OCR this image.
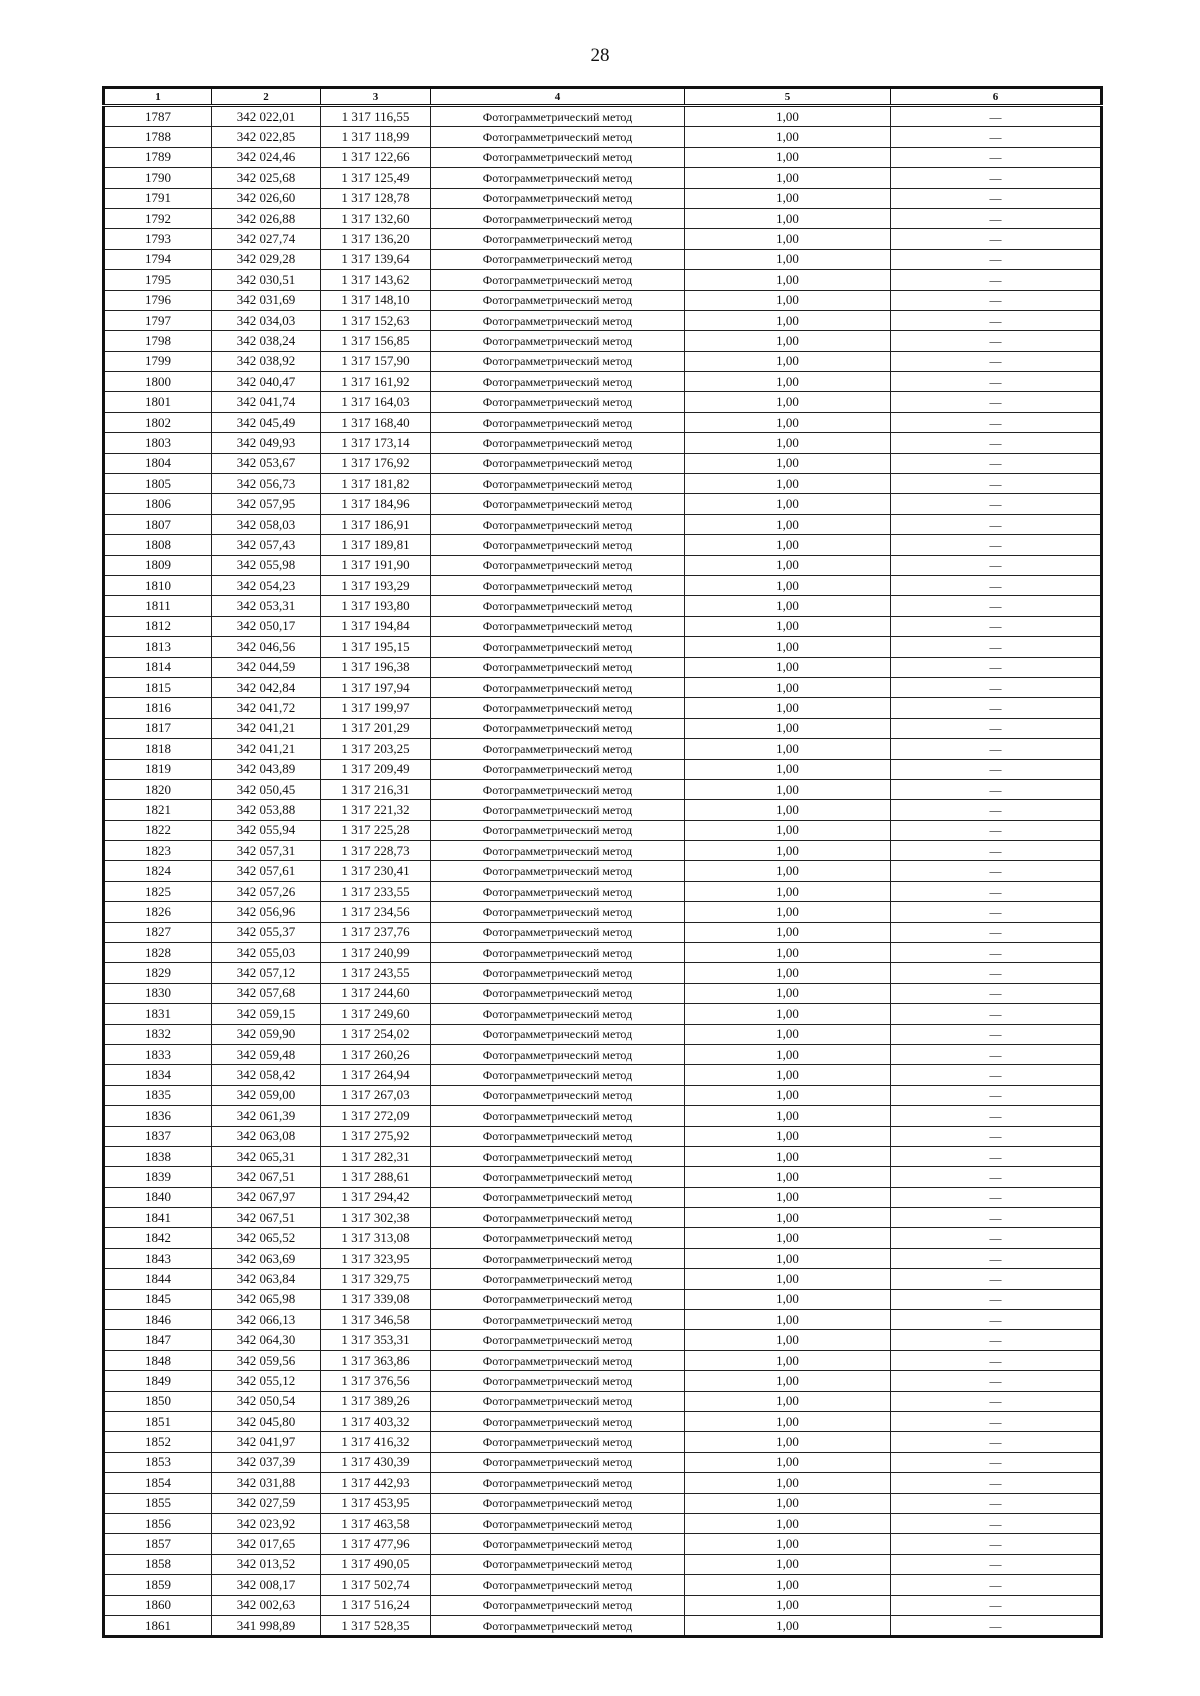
28
1	2	3	4	5	6
1787	342 022,01	1 317 116,55	Фотограмметрический метод	1,00	—
1788	342 022,85	1 317 118,99	Фотограмметрический метод	1,00	—
1789	342 024,46	1 317 122,66	Фотограмметрический метод	1,00	—
1790	342 025,68	1 317 125,49	Фотограмметрический метод	1,00	—
1791	342 026,60	1 317 128,78	Фотограмметрический метод	1,00	—
1792	342 026,88	1 317 132,60	Фотограмметрический метод	1,00	—
1793	342 027,74	1 317 136,20	Фотограмметрический метод	1,00	—
1794	342 029,28	1 317 139,64	Фотограмметрический метод	1,00	—
1795	342 030,51	1 317 143,62	Фотограмметрический метод	1,00	—
1796	342 031,69	1 317 148,10	Фотограмметрический метод	1,00	—
1797	342 034,03	1 317 152,63	Фотограмметрический метод	1,00	—
1798	342 038,24	1 317 156,85	Фотограмметрический метод	1,00	—
1799	342 038,92	1 317 157,90	Фотограмметрический метод	1,00	—
1800	342 040,47	1 317 161,92	Фотограмметрический метод	1,00	—
1801	342 041,74	1 317 164,03	Фотограмметрический метод	1,00	—
1802	342 045,49	1 317 168,40	Фотограмметрический метод	1,00	—
1803	342 049,93	1 317 173,14	Фотограмметрический метод	1,00	—
1804	342 053,67	1 317 176,92	Фотограмметрический метод	1,00	—
1805	342 056,73	1 317 181,82	Фотограмметрический метод	1,00	—
1806	342 057,95	1 317 184,96	Фотограмметрический метод	1,00	—
1807	342 058,03	1 317 186,91	Фотограмметрический метод	1,00	—
1808	342 057,43	1 317 189,81	Фотограмметрический метод	1,00	—
1809	342 055,98	1 317 191,90	Фотограмметрический метод	1,00	—
1810	342 054,23	1 317 193,29	Фотограмметрический метод	1,00	—
1811	342 053,31	1 317 193,80	Фотограмметрический метод	1,00	—
1812	342 050,17	1 317 194,84	Фотограмметрический метод	1,00	—
1813	342 046,56	1 317 195,15	Фотограмметрический метод	1,00	—
1814	342 044,59	1 317 196,38	Фотограмметрический метод	1,00	—
1815	342 042,84	1 317 197,94	Фотограмметрический метод	1,00	—
1816	342 041,72	1 317 199,97	Фотограмметрический метод	1,00	—
1817	342 041,21	1 317 201,29	Фотограмметрический метод	1,00	—
1818	342 041,21	1 317 203,25	Фотограмметрический метод	1,00	—
1819	342 043,89	1 317 209,49	Фотограмметрический метод	1,00	—
1820	342 050,45	1 317 216,31	Фотограмметрический метод	1,00	—
1821	342 053,88	1 317 221,32	Фотограмметрический метод	1,00	—
1822	342 055,94	1 317 225,28	Фотограмметрический метод	1,00	—
1823	342 057,31	1 317 228,73	Фотограмметрический метод	1,00	—
1824	342 057,61	1 317 230,41	Фотограмметрический метод	1,00	—
1825	342 057,26	1 317 233,55	Фотограмметрический метод	1,00	—
1826	342 056,96	1 317 234,56	Фотограмметрический метод	1,00	—
1827	342 055,37	1 317 237,76	Фотограмметрический метод	1,00	—
1828	342 055,03	1 317 240,99	Фотограмметрический метод	1,00	—
1829	342 057,12	1 317 243,55	Фотограмметрический метод	1,00	—
1830	342 057,68	1 317 244,60	Фотограмметрический метод	1,00	—
1831	342 059,15	1 317 249,60	Фотограмметрический метод	1,00	—
1832	342 059,90	1 317 254,02	Фотограмметрический метод	1,00	—
1833	342 059,48	1 317 260,26	Фотограмметрический метод	1,00	—
1834	342 058,42	1 317 264,94	Фотограмметрический метод	1,00	—
1835	342 059,00	1 317 267,03	Фотограмметрический метод	1,00	—
1836	342 061,39	1 317 272,09	Фотограмметрический метод	1,00	—
1837	342 063,08	1 317 275,92	Фотограмметрический метод	1,00	—
1838	342 065,31	1 317 282,31	Фотограмметрический метод	1,00	—
1839	342 067,51	1 317 288,61	Фотограмметрический метод	1,00	—
1840	342 067,97	1 317 294,42	Фотограмметрический метод	1,00	—
1841	342 067,51	1 317 302,38	Фотограмметрический метод	1,00	—
1842	342 065,52	1 317 313,08	Фотограмметрический метод	1,00	—
1843	342 063,69	1 317 323,95	Фотограмметрический метод	1,00	—
1844	342 063,84	1 317 329,75	Фотограмметрический метод	1,00	—
1845	342 065,98	1 317 339,08	Фотограмметрический метод	1,00	—
1846	342 066,13	1 317 346,58	Фотограмметрический метод	1,00	—
1847	342 064,30	1 317 353,31	Фотограмметрический метод	1,00	—
1848	342 059,56	1 317 363,86	Фотограмметрический метод	1,00	—
1849	342 055,12	1 317 376,56	Фотограмметрический метод	1,00	—
1850	342 050,54	1 317 389,26	Фотограмметрический метод	1,00	—
1851	342 045,80	1 317 403,32	Фотограмметрический метод	1,00	—
1852	342 041,97	1 317 416,32	Фотограмметрический метод	1,00	—
1853	342 037,39	1 317 430,39	Фотограмметрический метод	1,00	—
1854	342 031,88	1 317 442,93	Фотограмметрический метод	1,00	—
1855	342 027,59	1 317 453,95	Фотограмметрический метод	1,00	—
1856	342 023,92	1 317 463,58	Фотограмметрический метод	1,00	—
1857	342 017,65	1 317 477,96	Фотограмметрический метод	1,00	—
1858	342 013,52	1 317 490,05	Фотограмметрический метод	1,00	—
1859	342 008,17	1 317 502,74	Фотограмметрический метод	1,00	—
1860	342 002,63	1 317 516,24	Фотограмметрический метод	1,00	—
1861	341 998,89	1 317 528,35	Фотограмметрический метод	1,00	—
